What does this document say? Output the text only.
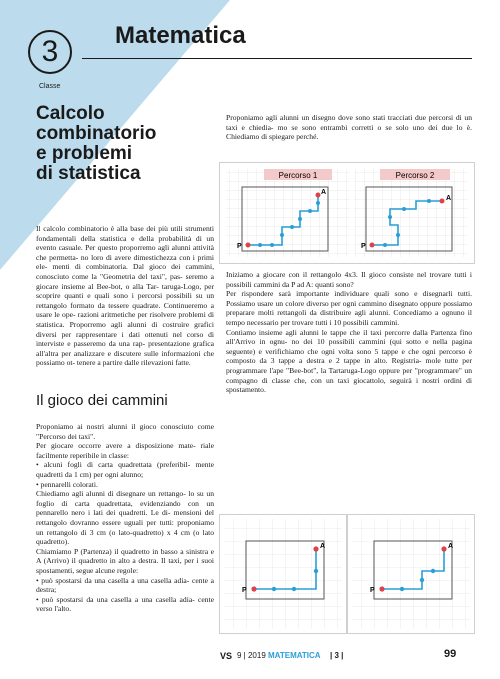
3
Classe
Matematica
Calcolo
combinatorio
e problemi
di statistica
Il calcolo combinatorio è alla base dei più utili strumenti fondamentali della statistica e della probabilità di un evento casuale. Per questo proporremo agli alunni attività che permetta- no loro di avere dimestichezza con i primi ele- menti di combinatoria. Dal gioco dei cammini, conosciuto come la "Geometria del taxi", pas- seremo a giocare insieme al Bee-bot, o alla Tar- taruga-Logo, per scoprire quanti e quali sono i percorsi possibili su un rettangolo formato da tessere quadrate. Continueremo a usare le ope- razioni aritmetiche per risolvere problemi di statistica. Proporremo agli alunni di costruire grafici diversi per rappresentare i dati ottenuti nel corso di interviste e passeremo da una rap- presentazione grafica all'altra per analizzare e discutere sulle informazioni che possiamo ot- tenere a partire dalle rilevazioni fatte.
Il gioco dei cammini
Proponiamo ai nostri alunni il gioco conosciuto come "Percorso dei taxi".
Per giocare occorre avere a disposizione mate- riale facilmente reperibile in classe:
• alcuni fogli di carta quadrettata (preferibil- mente quadretti da 1 cm) per ogni alunno;
• pennarelli colorati.
Chiediamo agli alunni di disegnare un rettango- lo su un foglio di carta quadrettata, evidenziando con un pennarello nero i lati dei quadretti. Le di- mensioni del rettangolo dovranno essere uguali per tutti: proponiamo un rettangolo di 3 cm (o lato-quadretto) x 4 cm (o lato quadretto).
Chiamiamo P (Partenza) il quadretto in basso a sinistra e A (Arrivo) il quadretto in alto a destra. Il taxi, per i suoi spostamenti, segue alcune regole:
• può spostarsi da una casella a una casella adia- cente a destra;
• può spostarsi da una casella a una casella adia- cente verso l'alto.
Proponiamo agli alunni un disegno dove sono stati tracciati due percorsi di un taxi e chiedia- mo se sono entrambi corretti o se solo uno dei due lo è. Chiediamo di spiegare perché.
Percorso 1
P
A
Percorso 2
P
A
Iniziamo a giocare con il rettangolo 4x3. Il gioco consiste nel trovare tutti i possibili cammini da P ad A: quanti sono?
Per rispondere sarà importante individuare quali sono e disegnarli tutti. Possiamo usare un colore diverso per ogni cammino disegnato oppure possiamo preparare molti rettangoli da distribuire agli alunni. Concediamo a ognuno il tempo necessario per trovare tutti i 10 possibili cammini.
Contiamo insieme agli alunni le tappe che il taxi percorre dalla Partenza fino all'Arrivo in ognu- no dei 10 possibili cammini (qui sotto e nella pagina seguente) e verifichiamo che ogni volta sono 5 tappe e che ogni percorso è composto da 3 tappe a destra e 2 tappe in alto. Registria- mole tutte per programmare l'ape "Bee-bot", la Tartaruga-Logo oppure per "programmare" un compagno di classe che, con un taxi giocattolo, seguirà i nostri ordini di spostamento.
P
A
P
A
VS 9 | 2019 MATEMATICA | 3 |	99
